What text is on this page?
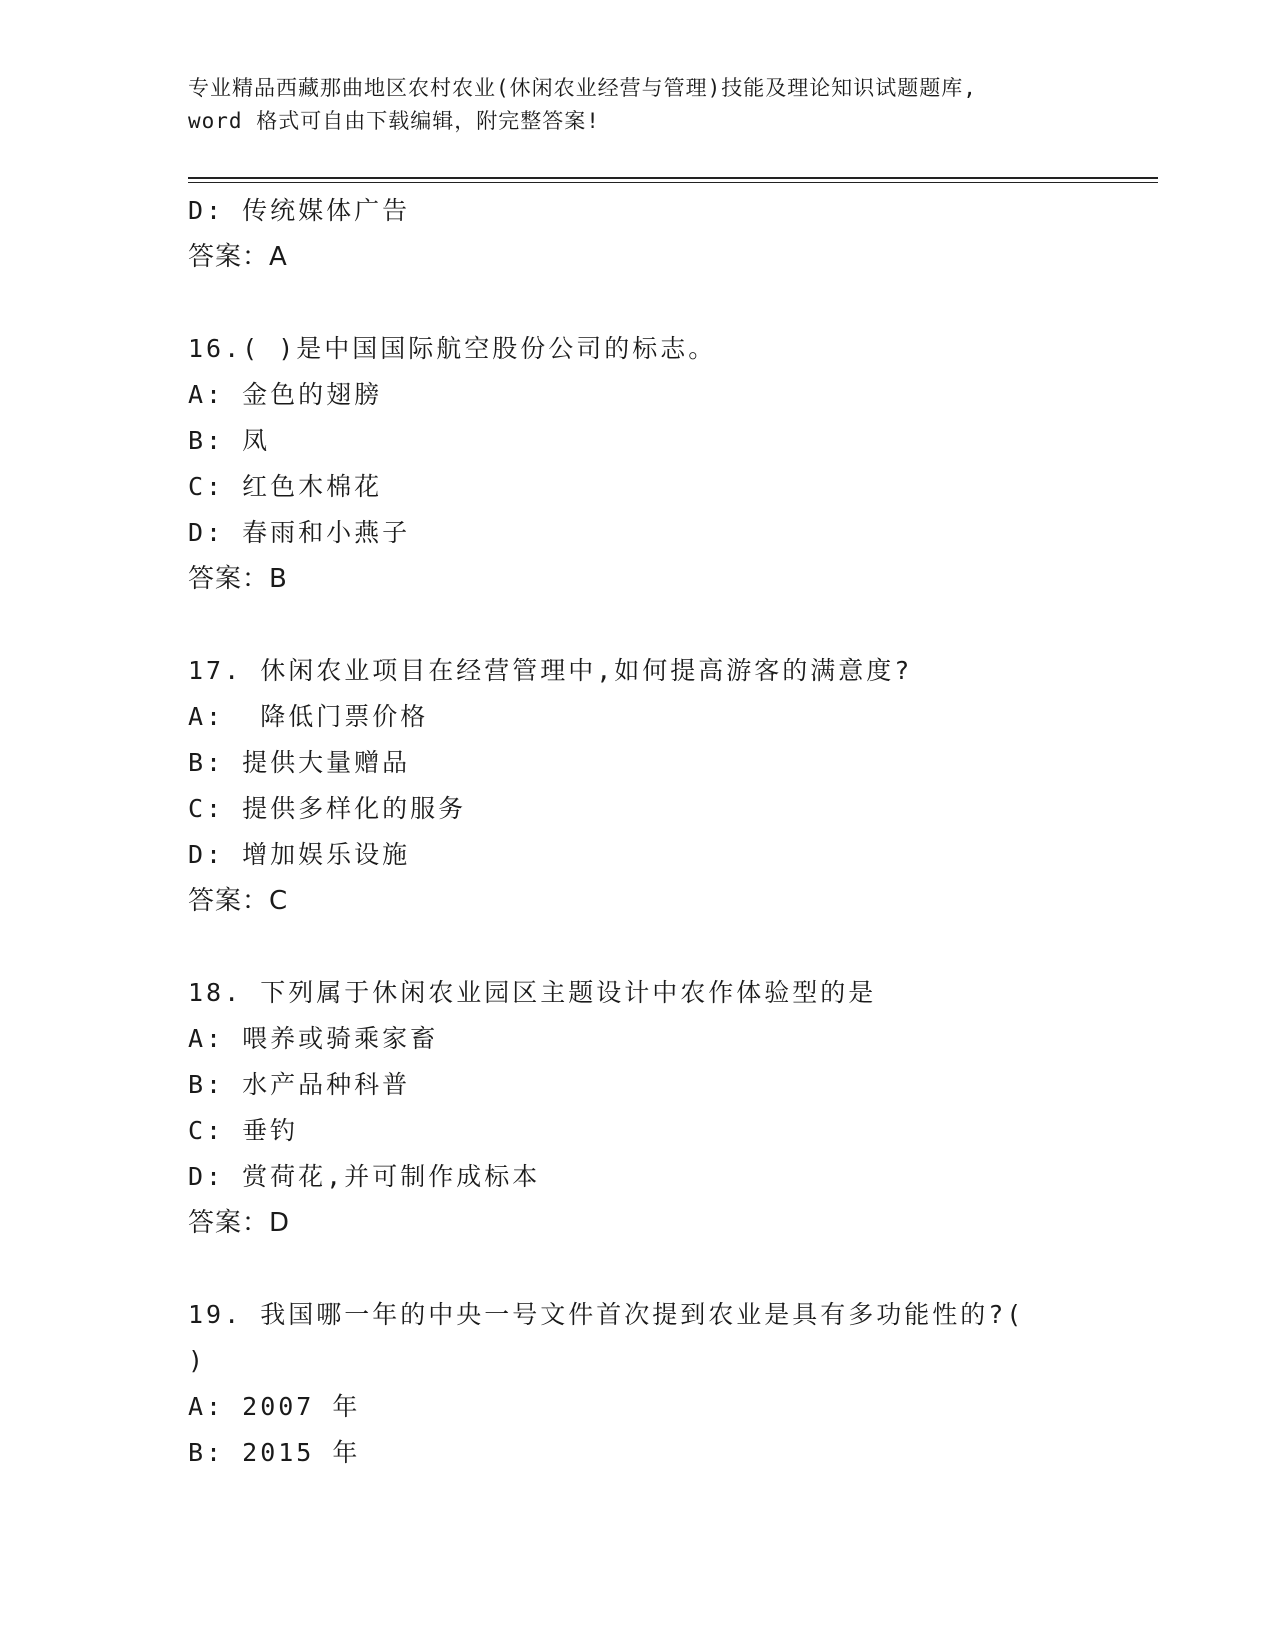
专业精品西藏那曲地区农村农业(休闲农业经营与管理)技能及理论知识试题题库,
word 格式可自由下载编辑，附完整答案!
D: 传统媒体广告
答案：A
16.( )是中国国际航空股份公司的标志。
A: 金色的翅膀
B: 凤
C: 红色木棉花
D: 春雨和小燕子
答案：B
17. 休闲农业项目在经营管理中,如何提高游客的满意度?
A:  降低门票价格
B: 提供大量赠品
C: 提供多样化的服务
D: 增加娱乐设施
答案：C
18. 下列属于休闲农业园区主题设计中农作体验型的是
A: 喂养或骑乘家畜
B: 水产品种科普
C: 垂钓
D: 赏荷花,并可制作成标本
答案：D
19. 我国哪一年的中央一号文件首次提到农业是具有多功能性的?(
)
A: 2007 年
B: 2015 年
